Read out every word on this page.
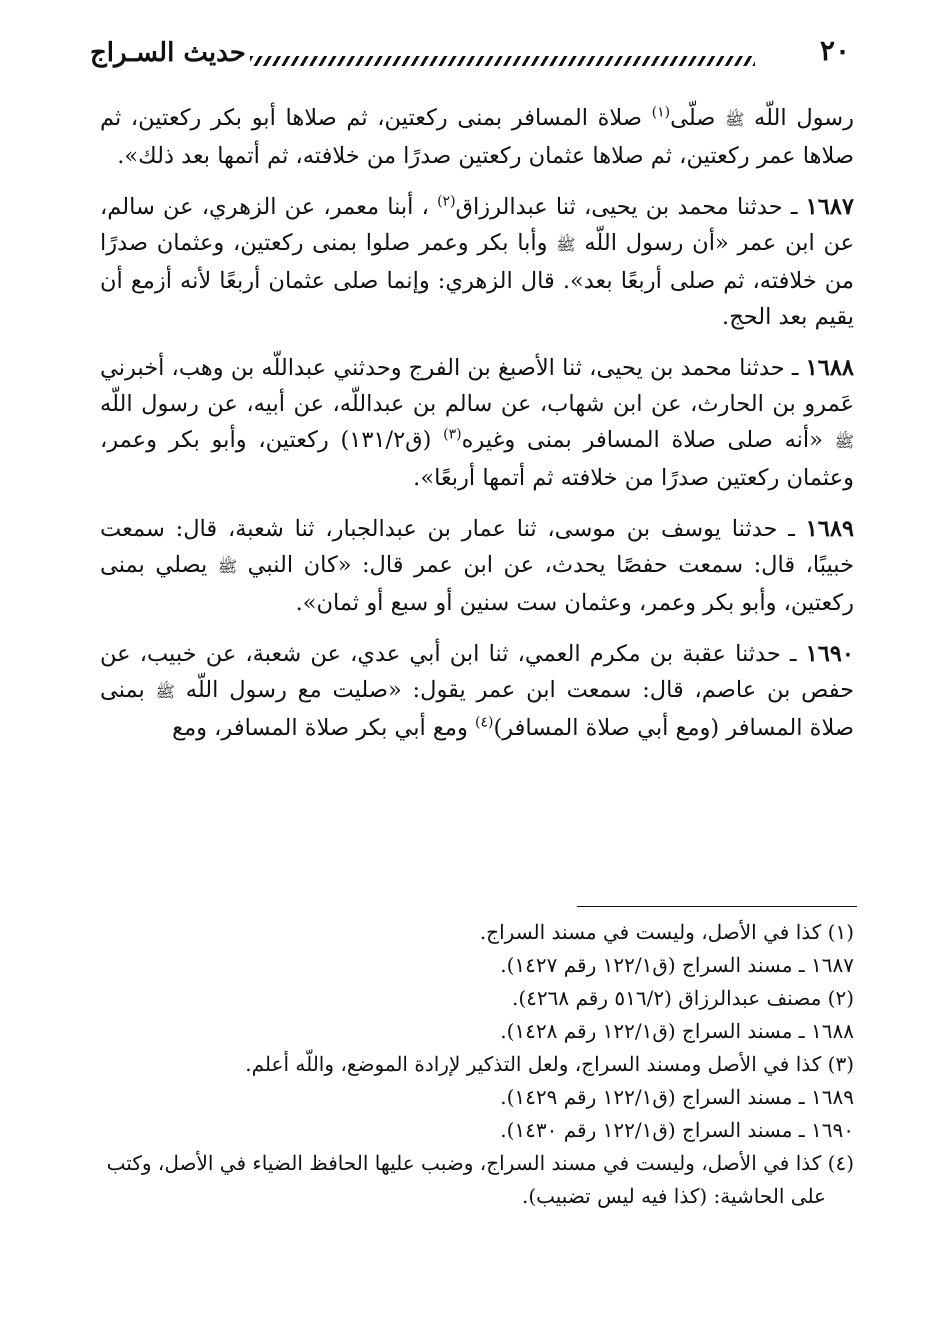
٢٠
حديث السـراج

رسول اللّه ﷺ صلّى$^{(١)}$ صلاة المسافر بمنى ركعتين، ثم صلاها أبو بكر ركعتين، ثم صلاها عمر ركعتين، ثم صلاها عثمان ركعتين صدرًا من خلافته، ثم أتمها بعد ذلك».

١٦٨٧ ـ حدثنا محمد بن يحيى، ثنا عبدالرزاق$^{(٢)}$ ، أبنا معمر، عن الزهري، عن سالم، عن ابن عمر «أن رسول اللّه ﷺ وأبا بكر وعمر صلوا بمنى ركعتين، وعثمان صدرًا من خلافته، ثم صلى أربعًا بعد». قال الزهري: وإنما صلى عثمان أربعًا لأنه أزمع أن يقيم بعد الحج.

١٦٨٨ ـ حدثنا محمد بن يحيى، ثنا الأصبغ بن الفرج وحدثني عبداللّه بن وهب، أخبرني عَمرو بن الحارث، عن ابن شهاب، عن سالم بن عبداللّه، عن أبيه، عن رسول اللّه ﷺ «أنه صلى صلاة المسافر بمنى وغيره$^{(٣)}$ (ق١٣١/٢) ركعتين، وأبو بكر وعمر، وعثمان ركعتين صدرًا من خلافته ثم أتمها أربعًا».

١٦٨٩ ـ حدثنا يوسف بن موسى، ثنا عمار بن عبدالجبار، ثنا شعبة، قال: سمعت خبيبًا، قال: سمعت حفصًا يحدث، عن ابن عمر قال: «كان النبي ﷺ يصلي بمنى ركعتين، وأبو بكر وعمر، وعثمان ست سنين أو سبع أو ثمان».

١٦٩٠ ـ حدثنا عقبة بن مكرم العمي، ثنا ابن أبي عدي، عن شعبة، عن خبيب، عن حفص بن عاصم، قال: سمعت ابن عمر يقول: «صليت مع رسول اللّه ﷺ بمنى صلاة المسافر (ومع أبي صلاة المسافر)$^{(٤)}$ ومع أبي بكر صلاة المسافر، ومع

(١) كذا في الأصل، وليست في مسند السراج.

١٦٨٧ ـ مسند السراج (ق١٢٢/١ رقم ١٤٢٧).

(٢) مصنف عبدالرزاق (٥١٦/٢ رقم ٤٢٦٨).

١٦٨٨ ـ مسند السراج (ق١٢٢/١ رقم ١٤٢٨).

(٣) كذا في الأصل ومسند السراج، ولعل التذكير لإرادة الموضع، واللّه أعلم.

١٦٨٩ ـ مسند السراج (ق١٢٢/١ رقم ١٤٢٩).

١٦٩٠ ـ مسند السراج (ق١٢٢/١ رقم ١٤٣٠).

(٤) كذا في الأصل، وليست في مسند السراج، وضبب عليها الحافظ الضياء في الأصل، وكتب

على الحاشية: (كذا فيه ليس تضبيب).
